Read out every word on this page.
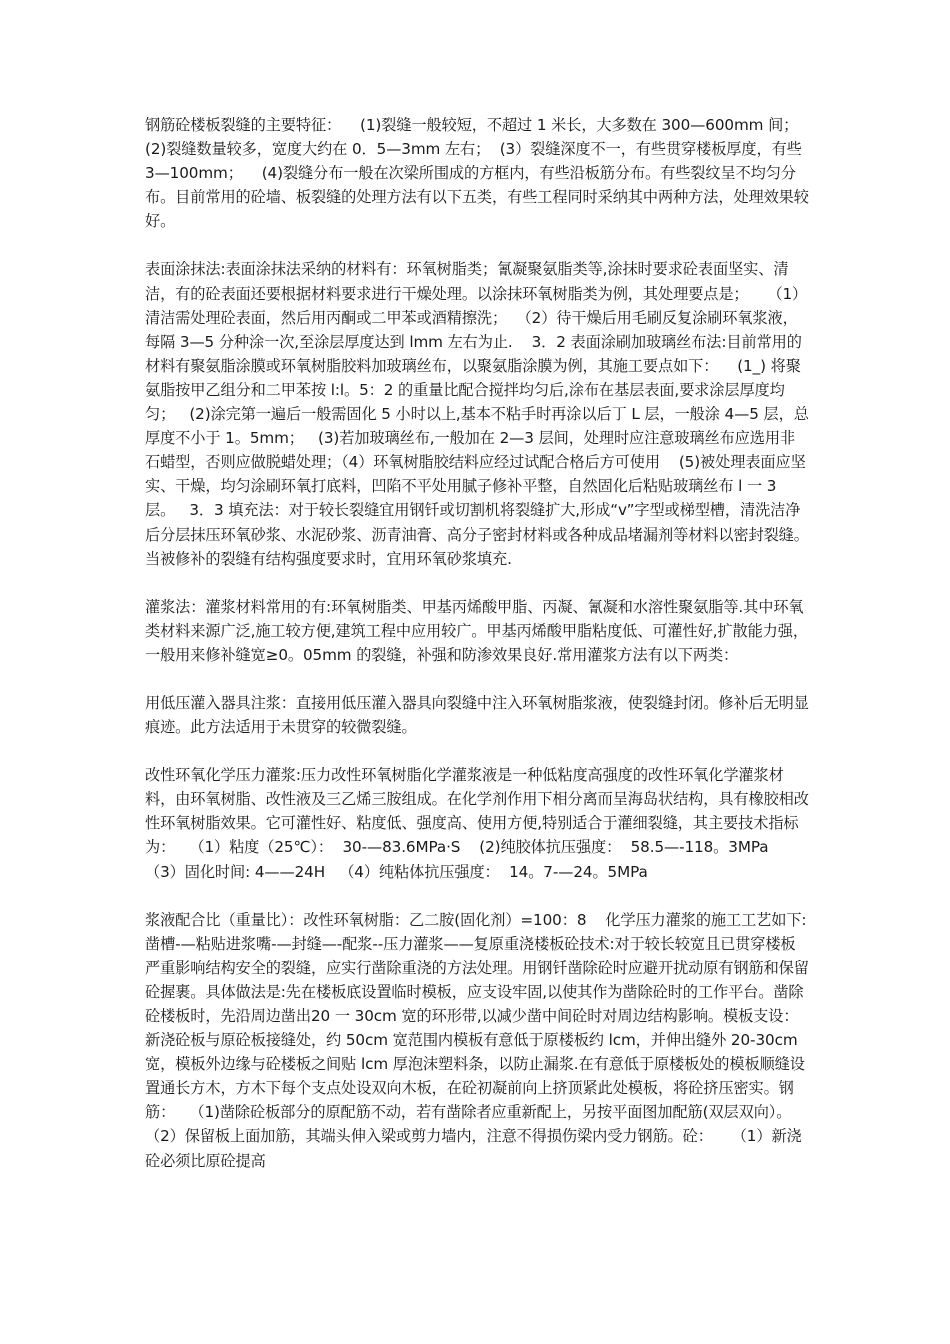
钢筋砼楼板裂缝的主要特征：    (1)裂缝一般较短，不超过 1 米长，大多数在 300—600mm 间；    (2)裂缝数量较多，宽度大约在 0．5—3mm 左右；  (3）裂缝深度不一，有些贯穿楼板厚度，有些 3—100mm；    (4)裂缝分布一般在次梁所围成的方框内，有些沿板筋分布。有些裂纹呈不均匀分布。目前常用的砼墙、板裂缝的处理方法有以下五类，有些工程同时采纳其中两种方法，处理效果较好。

表面涂抹法:表面涂抹法采纳的材料有：环氧树脂类；氰凝聚氨脂类等,涂抹时要求砼表面坚实、清洁，有的砼表面还要根据材料要求进行干燥处理。以涂抹环氧树脂类为例，其处理要点是；    （1）清洁需处理砼表面，然后用丙酮或二甲苯或酒精擦洗；  （2）待干燥后用毛刷反复涂刷环氧浆液，每隔 3—5 分种涂一次,至涂层厚度达到 lmm 左右为止.    3．2 表面涂刷加玻璃丝布法:目前常用的材料有聚氨脂涂膜或环氧树脂胶料加玻璃丝布，以聚氨脂涂膜为例，其施工要点如下：    (1_) 将聚氨脂按甲乙组分和二甲苯按 l:l。5：2 的重量比配合搅拌均匀后,涂布在基层表面,要求涂层厚度均匀；   (2)涂完第一遍后一般需固化 5 小时以上,基本不粘手时再涂以后丁 L 层，一般涂 4—5 层，总厚度不小于 1。5mm；   (3)若加玻璃丝布,一般加在 2—3 层间，处理时应注意玻璃丝布应选用非石蜡型，否则应做脱蜡处理；（4）环氧树脂胶结料应经过试配合格后方可使用    (5)被处理表面应坚实、干燥，均匀涂刷环氧打底料，凹陷不平处用腻子修补平整，自然固化后粘贴玻璃丝布 l 一 3 层。   3．3 填充法：对于较长裂缝宜用钢钎或切割机将裂缝扩大,形成“v”字型或梯型槽，清洗洁净后分层抹压环氧砂浆、水泥砂浆、沥青油膏、高分子密封材料或各种成品堵漏剂等材料以密封裂缝。当被修补的裂缝有结构强度要求时，宜用环氧砂浆填充.

灌浆法：灌浆材料常用的有:环氧树脂类、甲基丙烯酸甲脂、丙凝、氰凝和水溶性聚氨脂等.其中环氧类材料来源广泛,施工较方便,建筑工程中应用较广。甲基丙烯酸甲脂粘度低、可灌性好,扩散能力强，一般用来修补缝宽≥0。05mm 的裂缝，补强和防渗效果良好.常用灌浆方法有以下两类：

用低压灌入器具注浆：直接用低压灌入器具向裂缝中注入环氧树脂浆液，使裂缝封闭。修补后无明显痕迹。此方法适用于未贯穿的较微裂缝。

改性环氧化学压力灌浆:压力改性环氧树脂化学灌浆液是一种低粘度高强度的改性环氧化学灌浆材料，由环氧树脂、改性液及三乙烯三胺组成。在化学剂作用下相分离而呈海岛状结构，具有橡胶相改性环氧树脂效果。它可灌性好、粘度低、强度高、使用方便,特别适合于灌细裂缝，其主要技术指标为：   （1）粘度（25℃）：  30-—83.6MPa·S    (2)纯胶体抗压强度：  58.5—-118。3MPa    （3）固化时间: 4——24H   （4）纯粘体抗压强度：  14。7-—24。5MPa

浆液配合比（重量比）：改性环氧树脂：乙二胺(固化剂）=100：8    化学压力灌浆的施工工艺如下:凿槽-—粘贴进浆嘴-—封缝—-配浆--压力灌浆——复原重浇楼板砼技术:对于较长较宽且已贯穿楼板严重影响结构安全的裂缝，应实行凿除重浇的方法处理。用钢钎凿除砼时应避开扰动原有钢筋和保留砼握裹。具体做法是:先在楼板底设置临时模板，应支设牢固,以使其作为凿除砼时的工作平台。凿除砼楼板时，先沿周边凿出20 一 30cm 宽的环形带,以减少凿中间砼时对周边结构影响。模板支设：新浇砼板与原砼板接缝处，约 50cm 宽范围内模板有意低于原楼板约 lcm，并伸出缝外 20-30cm 宽，模板外边缘与砼楼板之间贴 lcm 厚泡沫塑料条，以防止漏浆.在有意低于原楼板处的模板顺缝设置通长方木，方木下每个支点处设双向木板，在砼初凝前向上挤顶紧此处模板，将砼挤压密实。钢筋：   （1)凿除砼板部分的原配筋不动，若有凿除者应重新配上，另按平面图加配筋(双层双向）。    （2）保留板上面加筋，其端头伸入梁或剪力墙内，注意不得损伤梁内受力钢筋。砼：    （1）新浇砼必须比原砼提高
